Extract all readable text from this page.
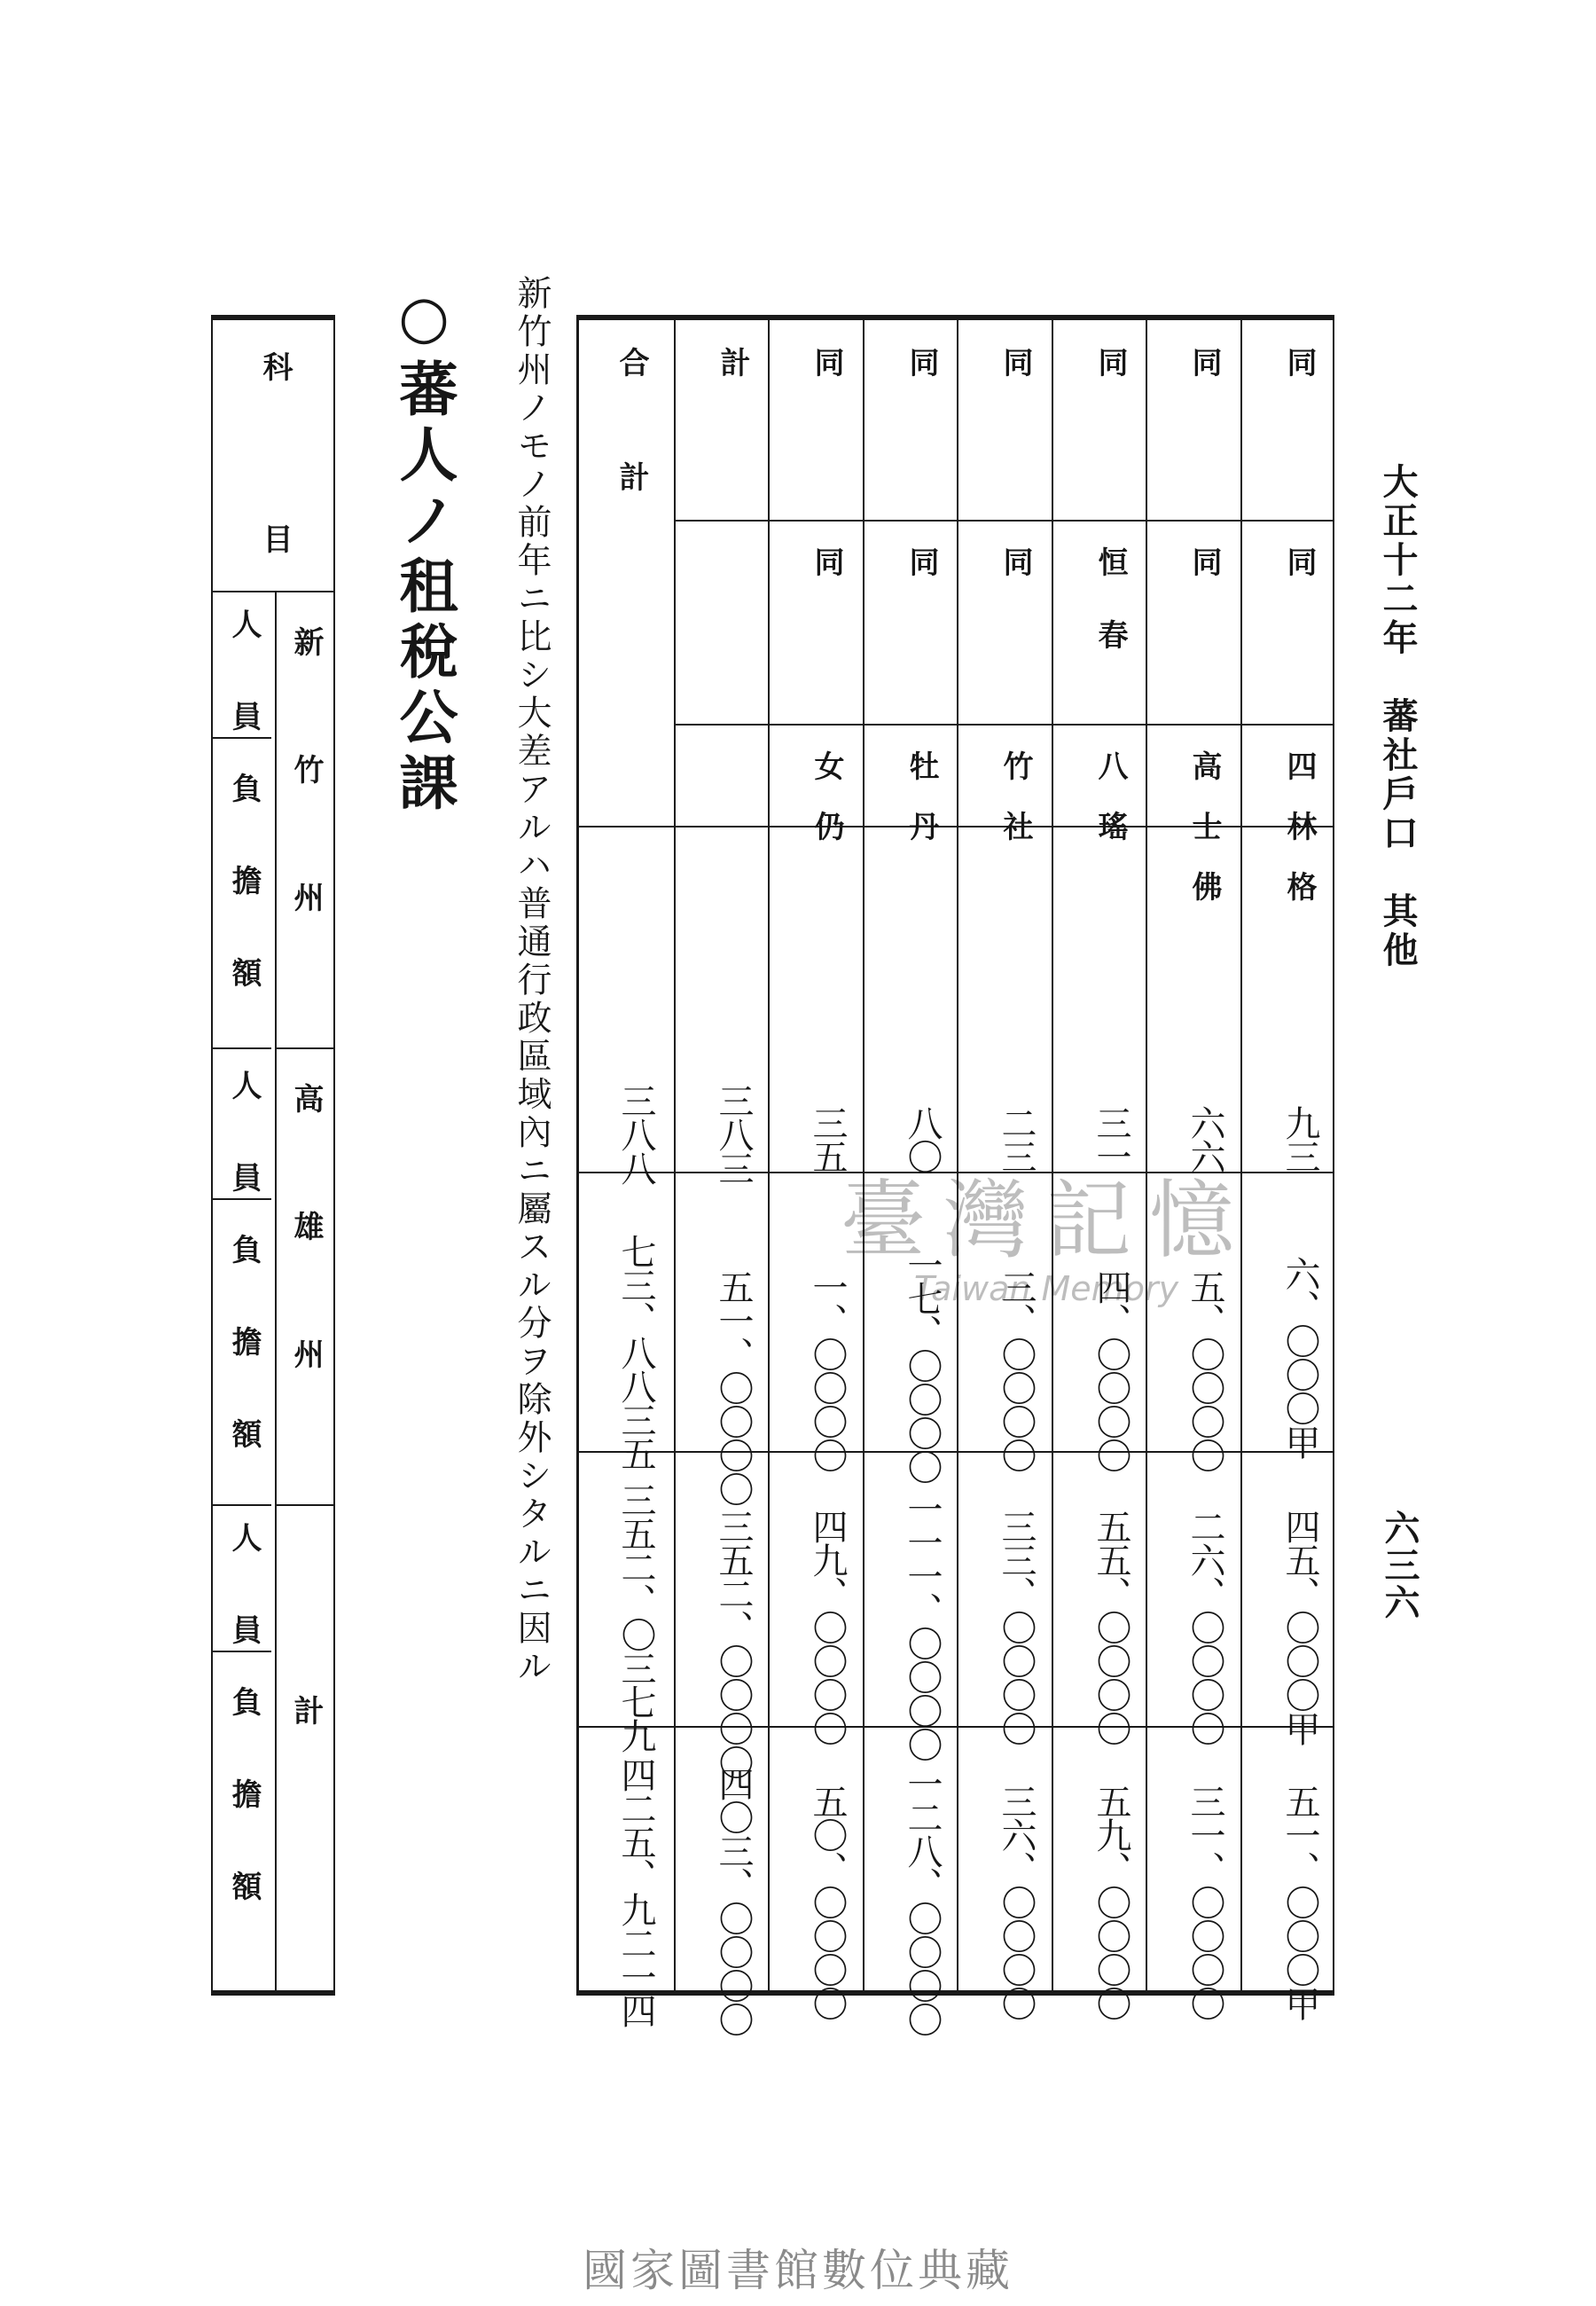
大正十二年　蕃社戶口　其他
六三六
同
同
四林格
九三
六、〇〇〇甲
四五、〇〇〇甲
五一、〇〇〇甲
同
同
高士佛
六六
五、〇〇〇〇
二六、〇〇〇〇
三一、〇〇〇〇
同
恒春
八瑤
三一
四、〇〇〇〇
五五、〇〇〇〇
五九、〇〇〇〇
同
同
竹社
二三
三、〇〇〇〇
三三、〇〇〇〇
三六、〇〇〇〇
同
同
牡丹
八〇
一七、〇〇〇〇
一一一、〇〇〇〇
一二八、〇〇〇〇
同
同
女仍
三五
一、〇〇〇〇
四九、〇〇〇〇
五〇、〇〇〇〇
計
三八三
五一、〇〇〇〇
三五二、〇〇〇〇
四〇三、〇〇〇〇
合計
三八八
七三、八八三五
三五二、〇三七九
四二五、九二一四
新竹州ノモノ前年ニ比シ大差アルハ普通行政區域內ニ屬スル分ヲ除外シタルニ因ル
○蕃人ノ租稅公課
科目
新竹州
高雄州
計
人員
負擔額
人員
負擔額
人員
負擔額
臺灣記憶
Taiwan Memory
國家圖書館數位典藏
